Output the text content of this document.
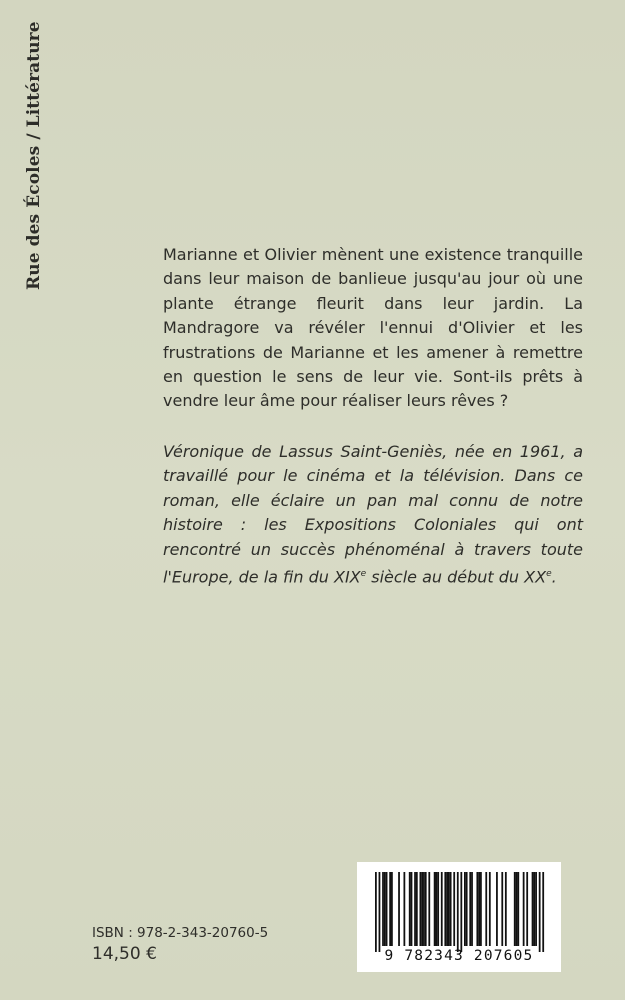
Rue des Écoles / Littérature	Marianne et Olivier mènent une existence tranquille dans leur maison de banlieue jusqu'au jour où une plante étrange fleurit dans leur jardin. La Mandragore va révéler l'ennui d'Olivier et les frustrations de Marianne et les amener à remettre en question le sens de leur vie. Sont-ils prêts à vendre leur âme pour réaliser leurs rêves ?

Véronique de Lassus Saint-Geniès, née en 1961, a travaillé pour le cinéma et la télévision. Dans ce roman, elle éclaire un pan mal connu de notre histoire : les Expositions Coloniales qui ont rencontré un succès phénoménal à travers toute l'Europe, de la fin du XIXe siècle au début du XXe.

ISBN : 978-2-343-20760-5
14,50 €	9 782343 207605
